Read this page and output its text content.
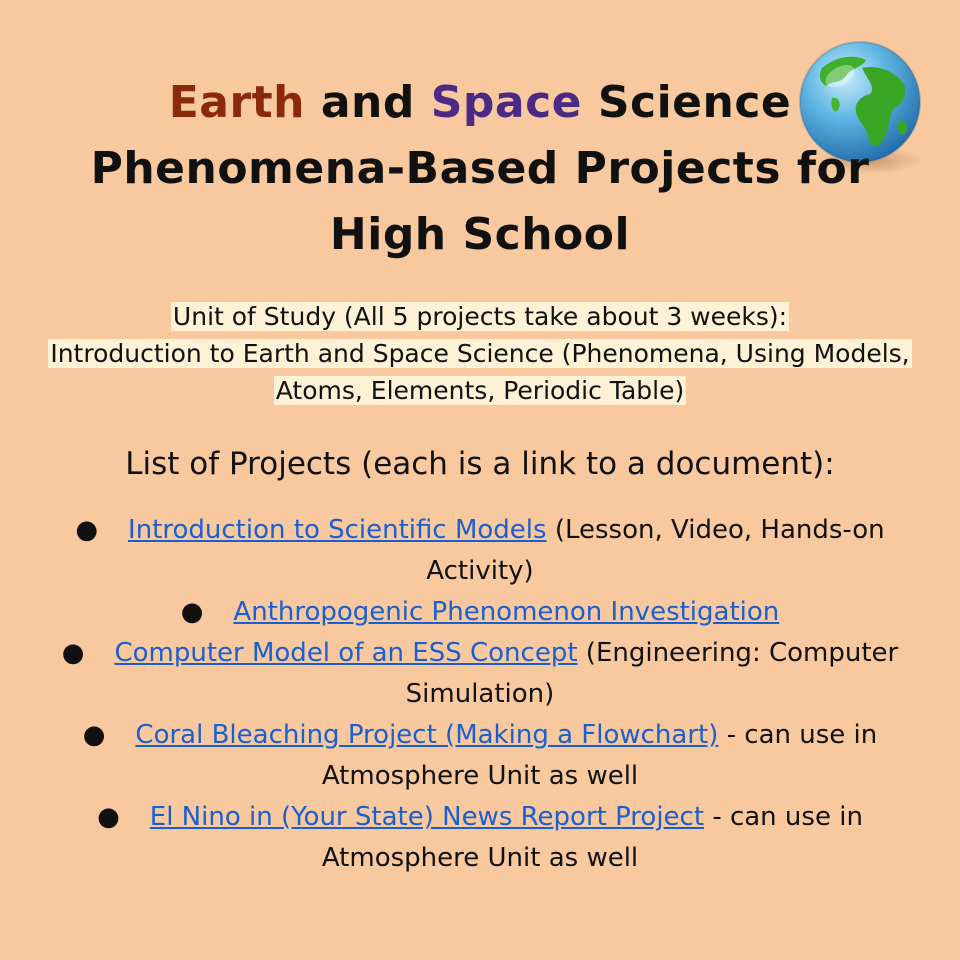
Earth and Space Science
Phenomena-Based Projects for
High School
Unit of Study (All 5 projects take about 3 weeks):
Introduction to Earth and Space Science (Phenomena, Using Models, Atoms, Elements, Periodic Table)
List of Projects (each is a link to a document):

● Introduction to Scientific Models (Lesson, Video, Hands-on Activity)

● Anthropogenic Phenomenon Investigation

● Computer Model of an ESS Concept (Engineering: Computer Simulation)

● Coral Bleaching Project (Making a Flowchart) - can use in Atmosphere Unit as well

● El Nino in (Your State) News Report Project - can use in Atmosphere Unit as well
